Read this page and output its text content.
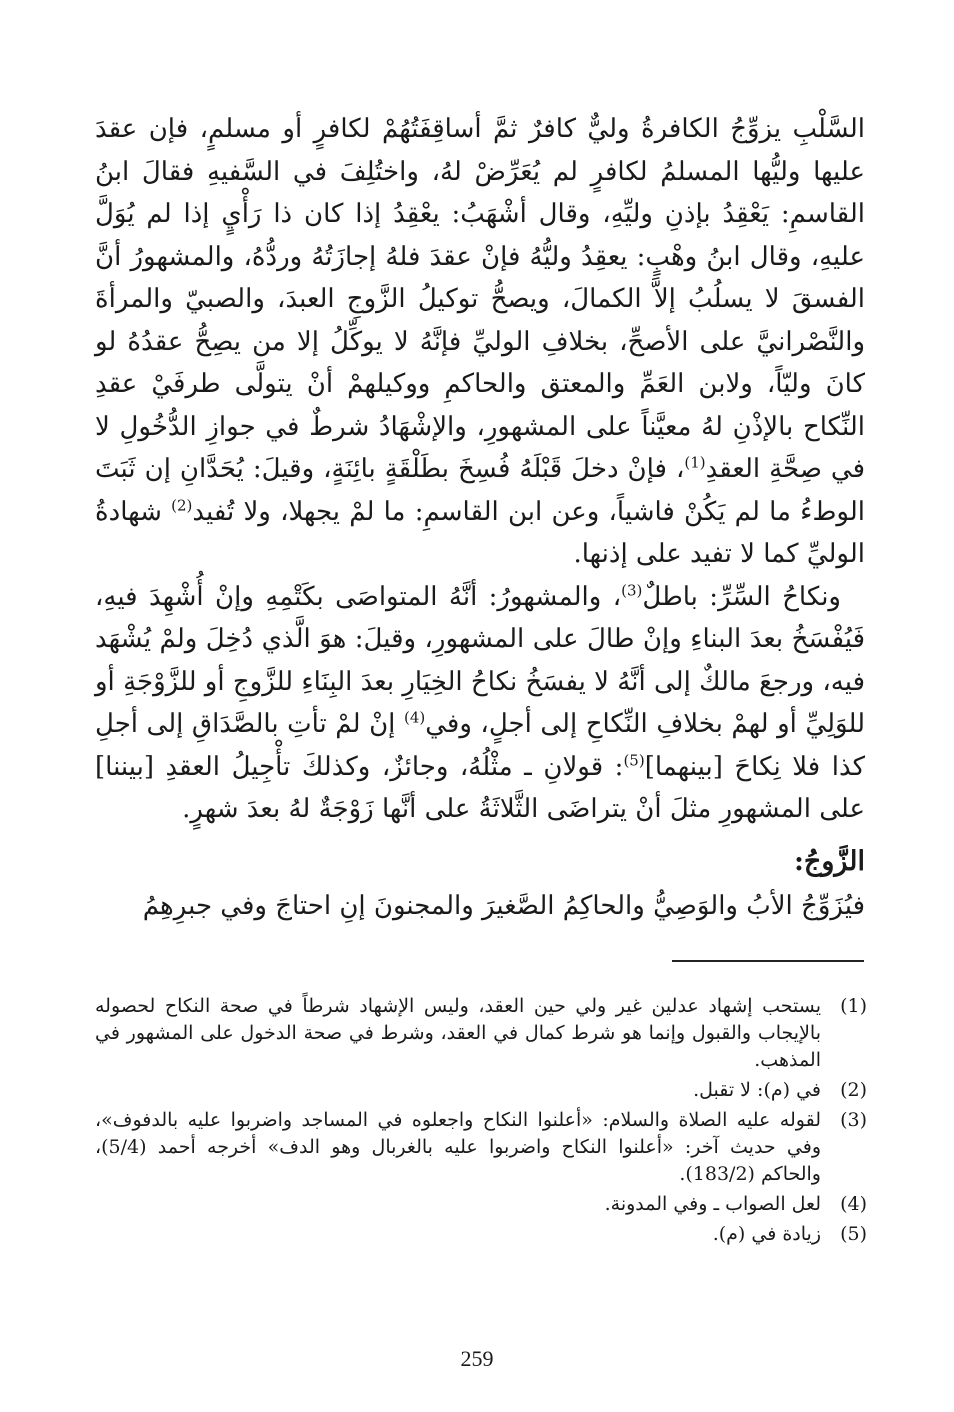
السَّلْبِ يزوِّجُ الكافرةُ وليٌّ كافرٌ ثمَّ أساقِفَتُهُمْ لكافرٍ أو مسلمٍ، فإن عقدَ عليها وليُّها المسلمُ لكافرٍ لم يُعَرِّضْ لهُ، واختُلِفَ في السَّفيهِ فقالَ ابنُ القاسمِ: يَعْقِدُ بإذنِ وليِّهِ، وقال أشْهَبُ: يعْقِدُ إذا كان ذا رَأْيٍ إذا لم يُوَلَّ عليهِ، وقال ابنُ وهْبٍ: يعقِدُ وليُّهُ فإنْ عقدَ فلهُ إجازَتُهُ وردُّهُ، والمشهورُ أنَّ الفسقَ لا يسلُبُ إلاَّ الكمالَ، ويصحُّ توكيلُ الزَّوجِ العبدَ، والصبيّ والمرأةَ والنَّصْرانيَّ على الأصحِّ، بخلافِ الوليِّ فإنَّهُ لا يوكِّلُ إلا من يصِحُّ عقدُهُ لو كانَ وليّاً، ولابن العَمِّ والمعتق والحاكمِ ووكيلهمْ أنْ يتولَّى طرفَيْ عقدِ النِّكاح بالإذْنِ لهُ معيَّناً على المشهورِ، والإشْهَادُ شرطٌ في جوازِ الدُّخُولِ لا في صِحَّةِ العقدِ$^{(1)}$، فإنْ دخلَ قَبْلَهُ فُسِخَ بطَلْقَةٍ بائِنَةٍ، وقيلَ: يُحَدَّانِ إن ثَبَتَ الوطءُ ما لم يَكُنْ فاشياً، وعن ابن القاسمِ: ما لمْ يجهلا، ولا تُفيد$^{(2)}$ شهادةُ الوليِّ كما لا تفيد على إذنها.

ونكاحُ السِّرِّ: باطلٌ$^{(3)}$، والمشهورُ: أنَّهُ المتواصَى بكَتْمِهِ وإنْ أُشْهِدَ فيهِ، فَيُفْسَخُ بعدَ البناءِ وإنْ طالَ على المشهورِ، وقيلَ: هوَ الَّذي دُخِلَ ولمْ يُشْهَد فيه، ورجعَ مالكٌ إلى أنَّهُ لا يفسَخُ نكاحُ الخِيَارِ بعدَ البِنَاءِ للزَّوجِ أو للزَّوْجَةِ أو للوَلِيِّ أو لهمْ بخلافِ النِّكاحِ إلى أجلٍ، وفي$^{(4)}$ إنْ لمْ تأتِ بالصَّدَاقِ إلى أجلِ كذا فلا نِكاحَ [بينهما]$^{(5)}$: قولانِ ـ مثْلُهُ، وجائزٌ، وكذلكَ تأْجِيلُ العقدِ [بيننا] على المشهورِ مثلَ أنْ يتراضَى الثَّلاثَةُ على أنَّها زَوْجَةٌ لهُ بعدَ شهرٍ.

الزَّوجُ:

فيُزَوِّجُ الأبُ والوَصِيُّ والحاكِمُ الصَّغيرَ والمجنونَ إنِ احتاجَ وفي جبرِهِمُ

(1)
يستحب إشهاد عدلين غير ولي حين العقد، وليس الإشهاد شرطاً في صحة النكاح لحصوله بالإيجاب والقبول وإنما هو شرط كمال في العقد، وشرط في صحة الدخول على المشهور في المذهب.
(2)
في (م): لا تقبل.
(3)
لقوله عليه الصلاة والسلام: «أعلنوا النكاح واجعلوه في المساجد واضربوا عليه بالدفوف»، وفي حديث آخر: «أعلنوا النكاح واضربوا عليه بالغربال وهو الدف» أخرجه أحمد (5/4)، والحاكم (183/2).
(4)
لعل الصواب ـ وفي المدونة.
(5)
زيادة في (م).
259
